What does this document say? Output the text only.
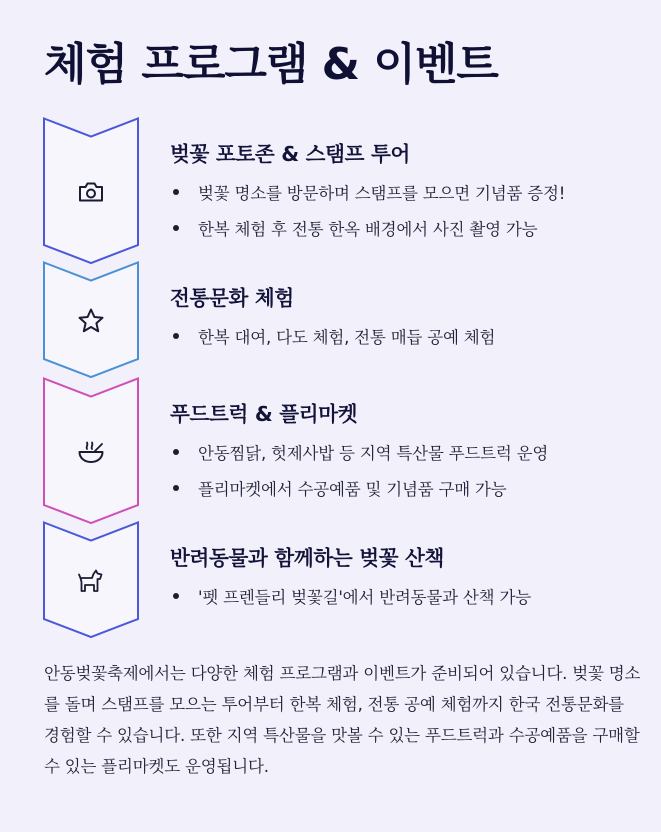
체험 프로그램 & 이벤트
벚꽃 포토존 & 스탬프 투어
벚꽃 명소를 방문하며 스탬프를 모으면 기념품 증정!
한복 체험 후 전통 한옥 배경에서 사진 촬영 가능
전통문화 체험
한복 대여, 다도 체험, 전통 매듭 공예 체험
푸드트럭 & 플리마켓
안동찜닭, 헛제사밥 등 지역 특산물 푸드트럭 운영
플리마켓에서 수공예품 및 기념품 구매 가능
반려동물과 함께하는 벚꽃 산책
'펫 프렌들리 벚꽃길'에서 반려동물과 산책 가능

안동벚꽃축제에서는 다양한 체험 프로그램과 이벤트가 준비되어 있습니다. 벚꽃 명소를 돌며 스탬프를 모으는 투어부터 한복 체험, 전통 공예 체험까지 한국 전통문화를 경험할 수 있습니다. 또한 지역 특산물을 맛볼 수 있는 푸드트럭과 수공예품을 구매할 수 있는 플리마켓도 운영됩니다.
